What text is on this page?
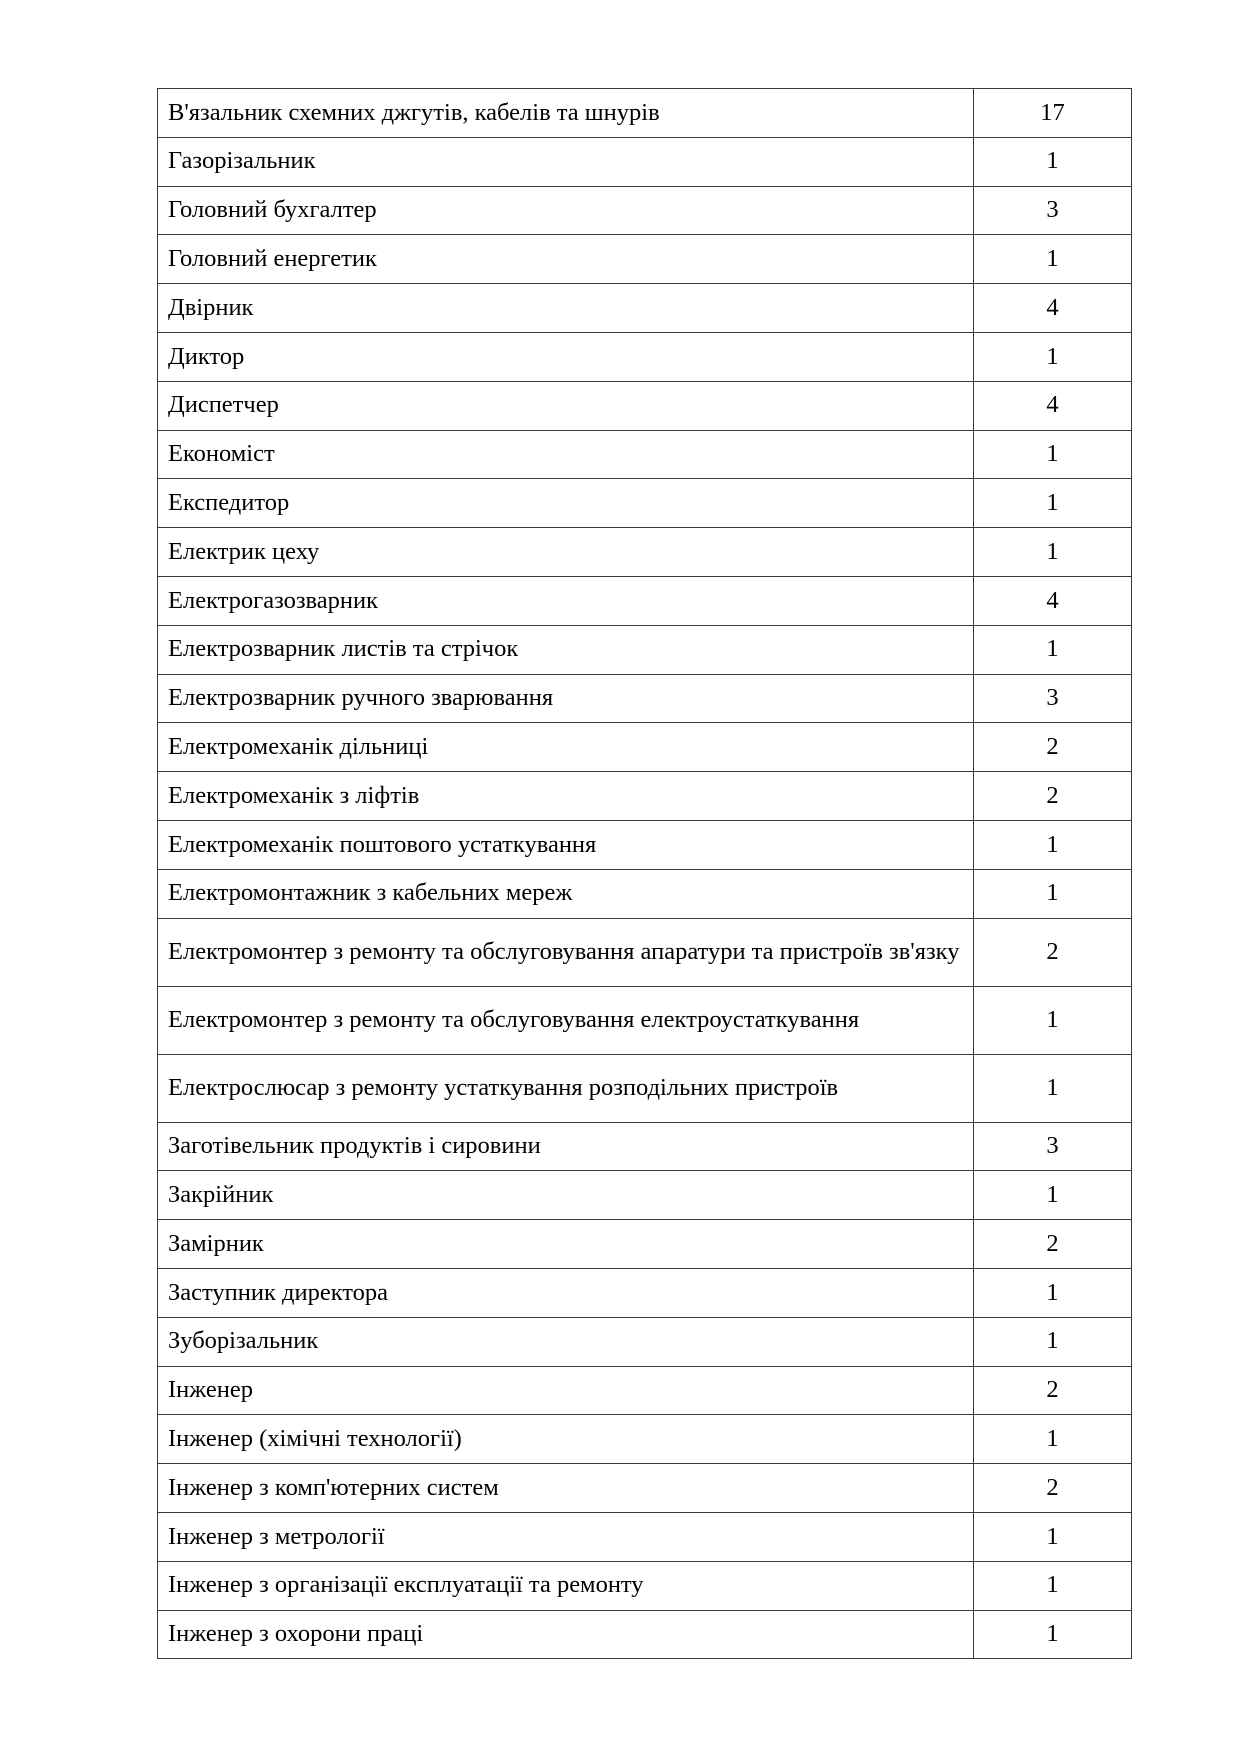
В'язальник схемних джгутів, кабелів та шнурів	17
Газорізальник	1
Головний бухгалтер	3
Головний енергетик	1
Двірник	4
Диктор	1
Диспетчер	4
Економіст	1
Експедитор	1
Електрик цеху	1
Електрогазозварник	4
Електрозварник листів та стрічок	1
Електрозварник ручного зварювання	3
Електромеханік дільниці	2
Електромеханік з ліфтів	2
Електромеханік поштового устаткування	1
Електромонтажник з кабельних мереж	1
Електромонтер з ремонту та обслуговування апаратури та пристроїв зв'язку	2
Електромонтер з ремонту та обслуговування електроустаткування	1
Електрослюсар з ремонту устаткування розподільних пристроїв	1
Заготівельник продуктів і сировини	3
Закрійник	1
Замірник	2
Заступник директора	1
Зуборізальник	1
Інженер	2
Інженер (хімічні технології)	1
Інженер з комп'ютерних систем	2
Інженер з метрології	1
Інженер з організації експлуатації та ремонту	1
Інженер з охорони праці	1
